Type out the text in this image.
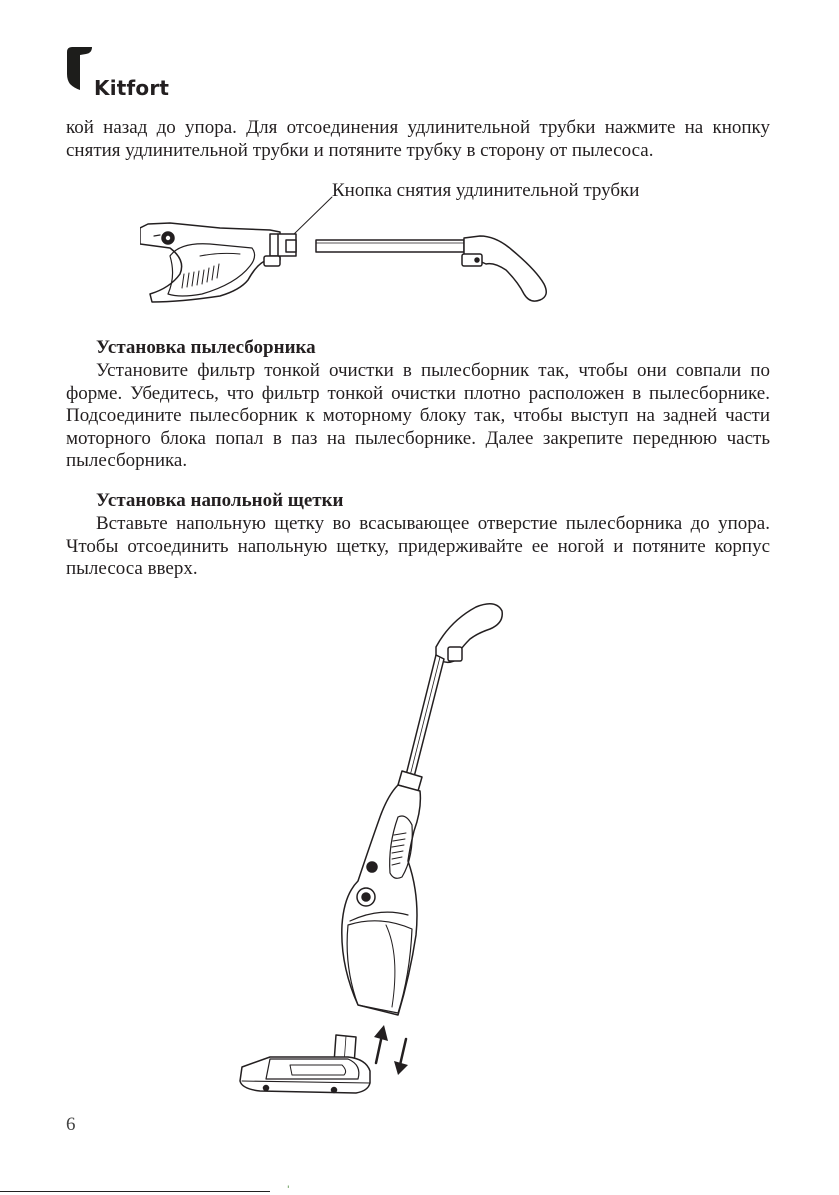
Kitfort

кой назад до упора. Для отсоединения удлинительной трубки нажмите на кнопку снятия удлинительной трубки и потяните трубку в сторону от пылесоса.

Кнопка снятия удлинительной трубки

Установка пылесборника

Установите фильтр тонкой очистки в пылесборник так, чтобы они совпали по форме. Убедитесь, что фильтр тонкой очистки плотно расположен в пылесборнике. Подсоедините пылесборник к моторному блоку так, чтобы выступ на задней части моторного блока попал в паз на пылесборнике. Далее закрепите переднюю часть пылесборника.

Установка напольной щетки

Вставьте напольную щетку во всасывающее отверстие пылесборника до упора. Чтобы отсоединить напольную щетку, придерживайте ее ногой и потяните корпус пылесоса вверх.

6

ꞌ
